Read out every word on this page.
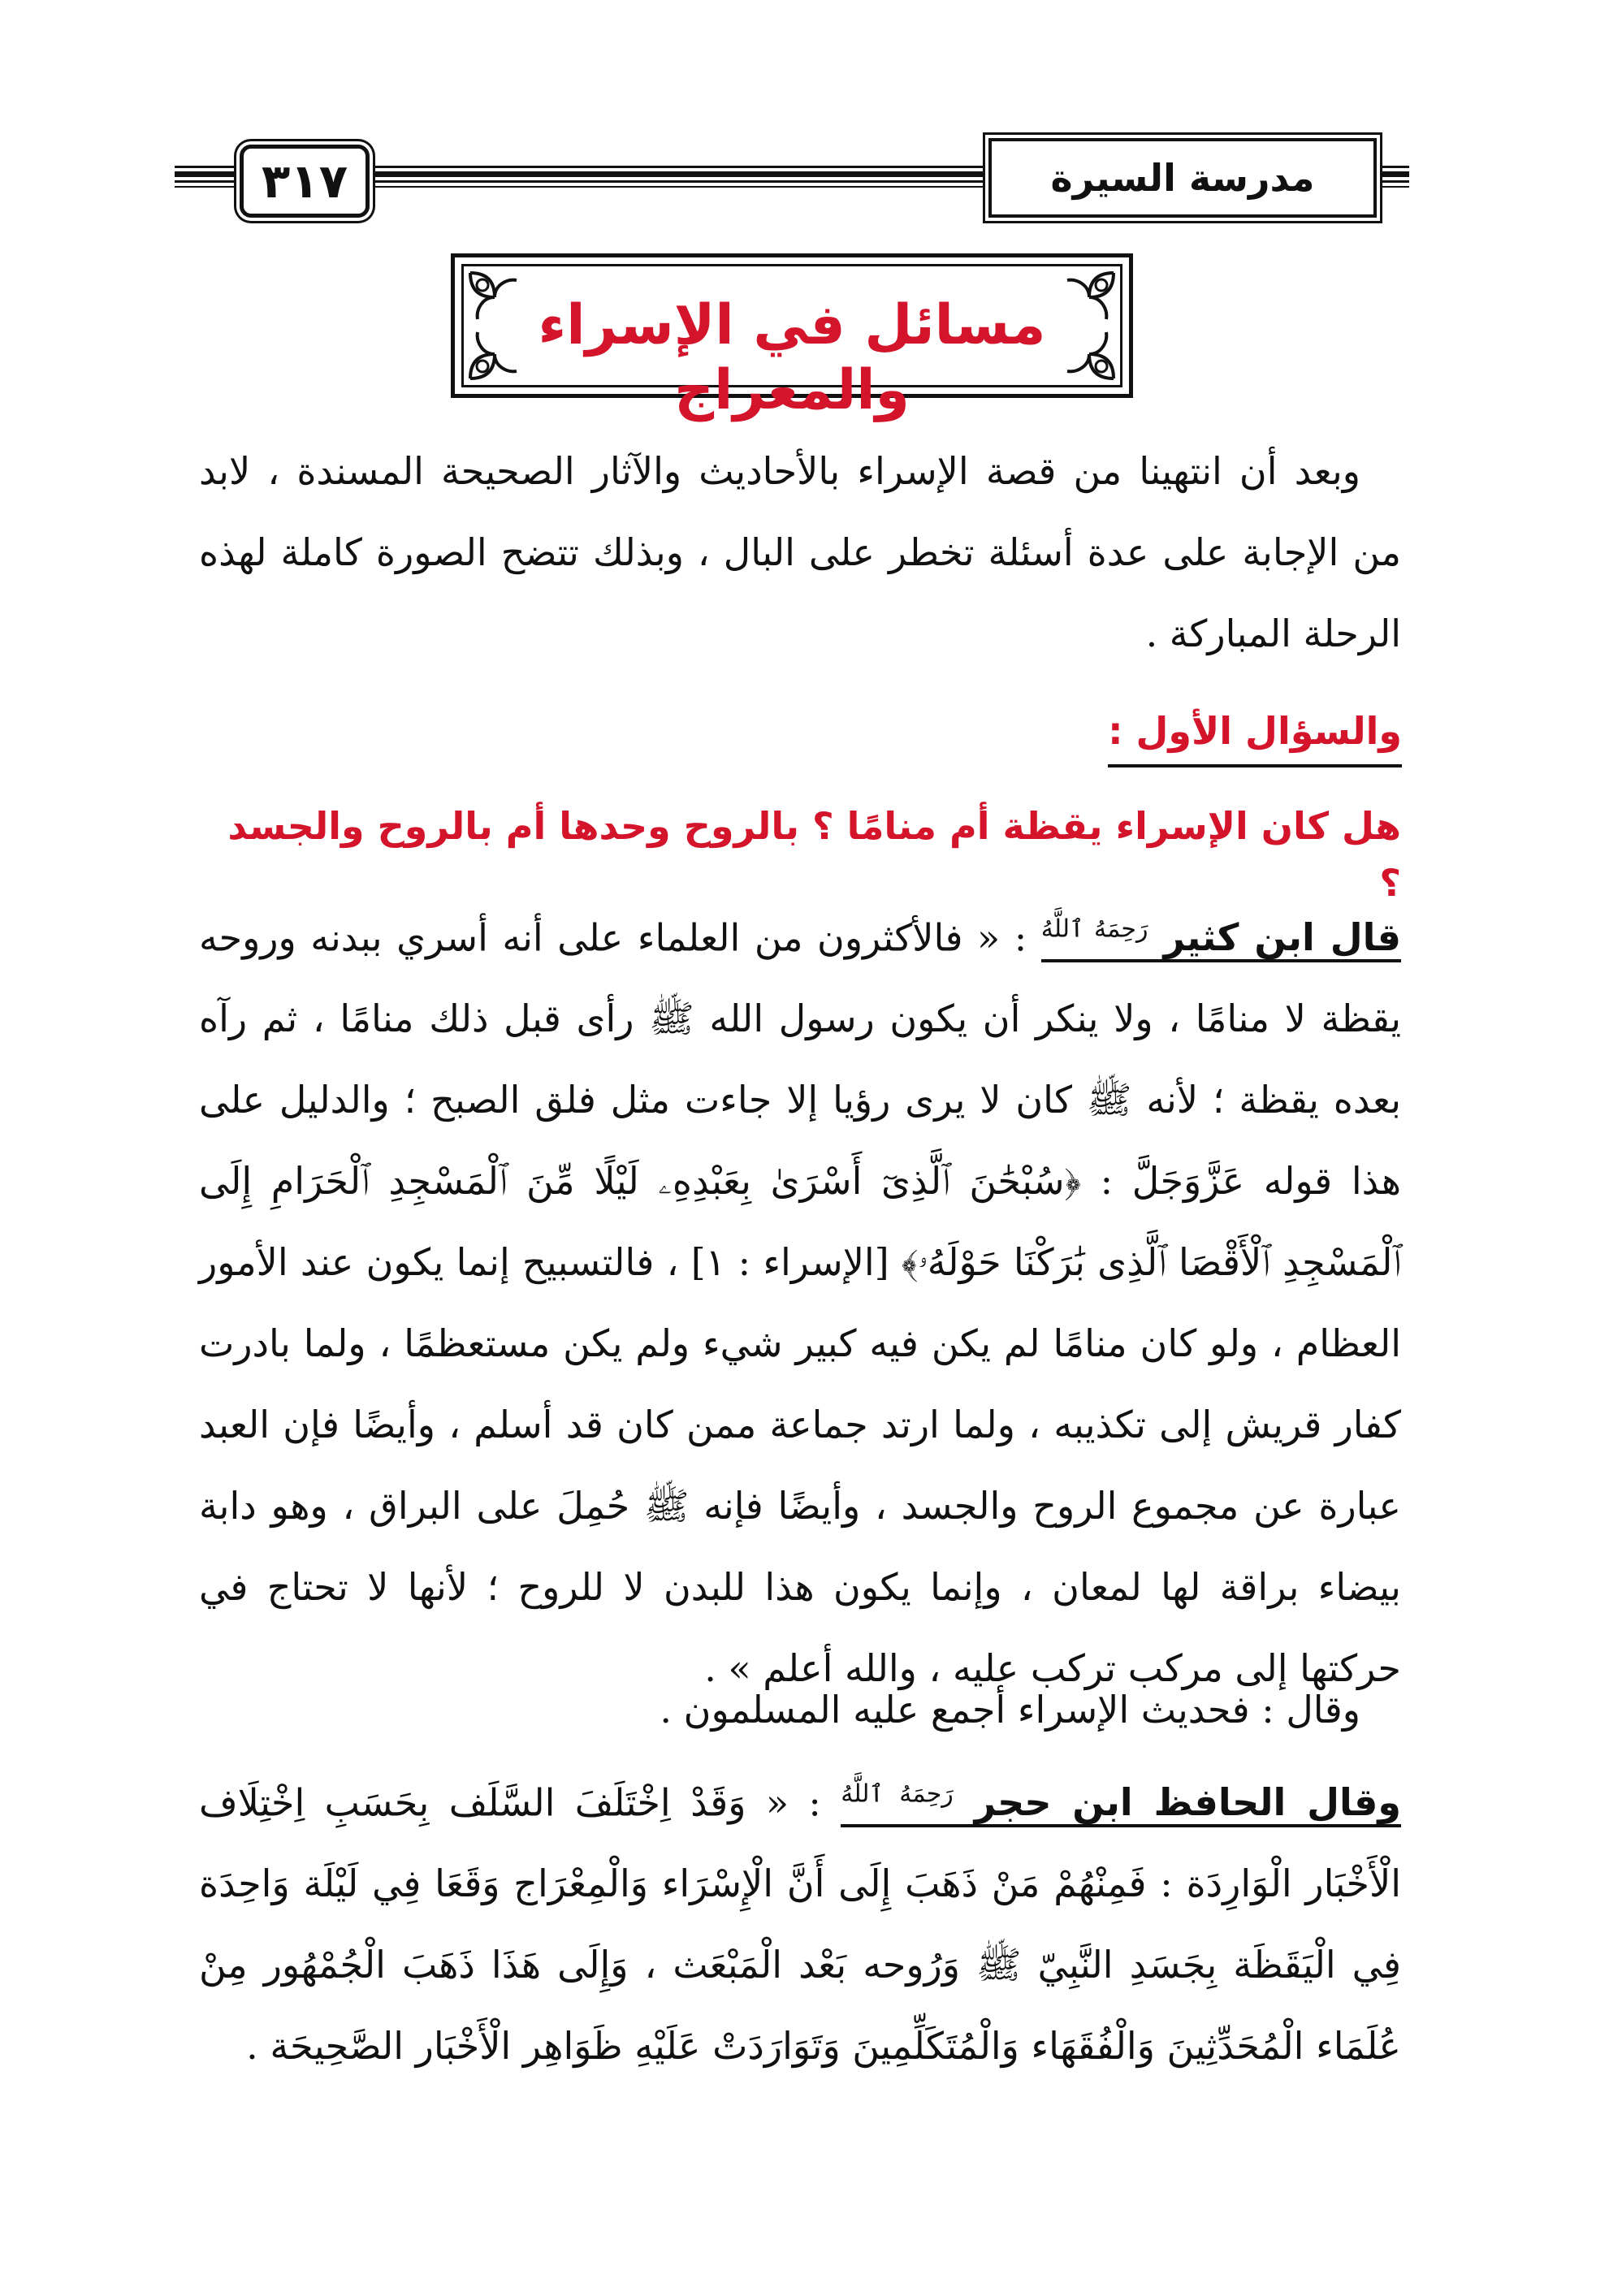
٣١٧	مدرسة السيرة
مسائل في الإسراء والمعراج
وبعد أن انتهينا من قصة الإسراء بالأحاديث والآثار الصحيحة المسندة ، لابد من الإجابة على عدة أسئلة تخطر على البال ، وبذلك تتضح الصورة كاملة لهذه الرحلة المباركة .
والسؤال الأول :
هل كان الإسراء يقظة أم منامًا ؟ بالروح وحدها أم بالروح والجسد ؟
قال ابن كثير $^{رَحِمَهُ ٱللَّهُ}$ : « فالأكثرون من العلماء على أنه أسري ببدنه وروحه يقظة لا منامًا ، ولا ينكر أن يكون رسول الله ﷺ رأى قبل ذلك منامًا ، ثم رآه بعده يقظة ؛ لأنه ﷺ كان لا يرى رؤيا إلا جاءت مثل فلق الصبح ؛ والدليل على هذا قوله عَزَّوَجَلَّ : ﴿سُبْحَٰنَ ٱلَّذِىٓ أَسْرَىٰ بِعَبْدِهِۦ لَيْلًا مِّنَ ٱلْمَسْجِدِ ٱلْحَرَامِ إِلَى ٱلْمَسْجِدِ ٱلْأَقْصَا ٱلَّذِى بَٰرَكْنَا حَوْلَهُۥ﴾ [الإسراء : ١] ، فالتسبيح إنما يكون عند الأمور العظام ، ولو كان منامًا لم يكن فيه كبير شيء ولم يكن مستعظمًا ، ولما بادرت كفار قريش إلى تكذيبه ، ولما ارتد جماعة ممن كان قد أسلم ، وأيضًا فإن العبد عبارة عن مجموع الروح والجسد ، وأيضًا فإنه ﷺ حُمِلَ على البراق ، وهو دابة بيضاء براقة لها لمعان ، وإنما يكون هذا للبدن لا للروح ؛ لأنها لا تحتاج في حركتها إلى مركب تركب عليه ، والله أعلم » .
وقال : فحديث الإسراء أجمع عليه المسلمون .
وقال الحافظ ابن حجر $^{رَحِمَهُ ٱللَّهُ}$ : « وَقَدْ اِخْتَلَفَ السَّلَف بِحَسَبِ اِخْتِلَاف الْأَخْبَار الْوَارِدَة : فَمِنْهُمْ مَنْ ذَهَبَ إِلَى أَنَّ الْإِسْرَاء وَالْمِعْرَاج وَقَعَا فِي لَيْلَة وَاحِدَة فِي الْيَقَظَة بِجَسَدِ النَّبِيّ ﷺ وَرُوحه بَعْد الْمَبْعَث ، وَإِلَى هَذَا ذَهَبَ الْجُمْهُور مِنْ عُلَمَاء الْمُحَدِّثِينَ وَالْفُقَهَاء وَالْمُتَكَلِّمِينَ وَتَوَارَدَتْ عَلَيْهِ ظَوَاهِر الْأَخْبَار الصَّحِيحَة .
